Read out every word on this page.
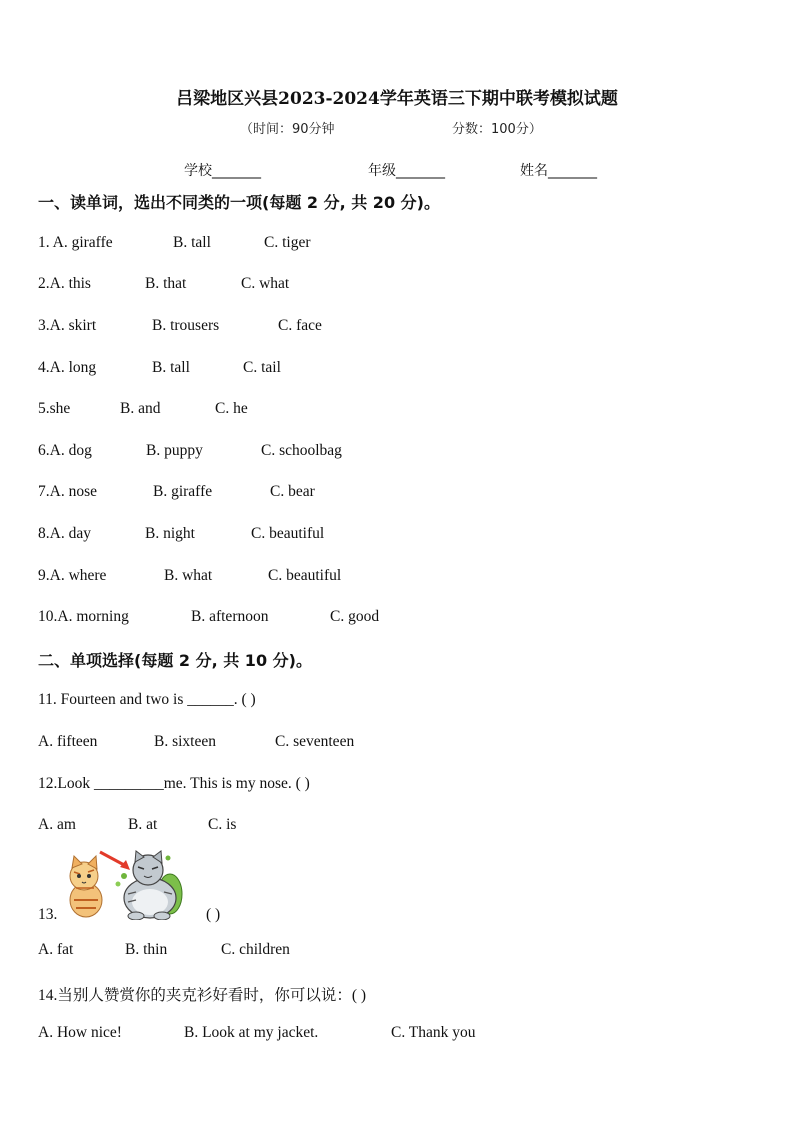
吕梁地区兴县2023-2024学年英语三下期中联考模拟试题
（时间：90分钟	分数：100分）
学校_______	年级_______	姓名_______
一、读单词，选出不同类的一项(每题 2 分, 共 20 分)。
1. A. giraffe	B. tall	C. tiger
2.A. this	B. that	C. what
3.A. skirt	B. trousers	C. face
4.A. long	B. tall	C. tail
5.she	B. and	C. he
6.A. dog	B. puppy	C. schoolbag
7.A. nose	B. giraffe	C. bear
8.A. day	B. night	C. beautiful
9.A. where	B. what	C. beautiful
10.A. morning	B. afternoon	C. good
二、单项选择(每题 2 分, 共 10 分)。
11. Fourteen and two is ______. ( )
A. fifteen	B. sixteen	C. seventeen
12.Look _________me. This is my nose. ( )
A. am	B. at	C. is
13.	( )
A. fat	B. thin	C. children
14.当别人赞赏你的夹克衫好看时，你可以说：( )
A. How nice!	B. Look at my jacket.	C. Thank you
